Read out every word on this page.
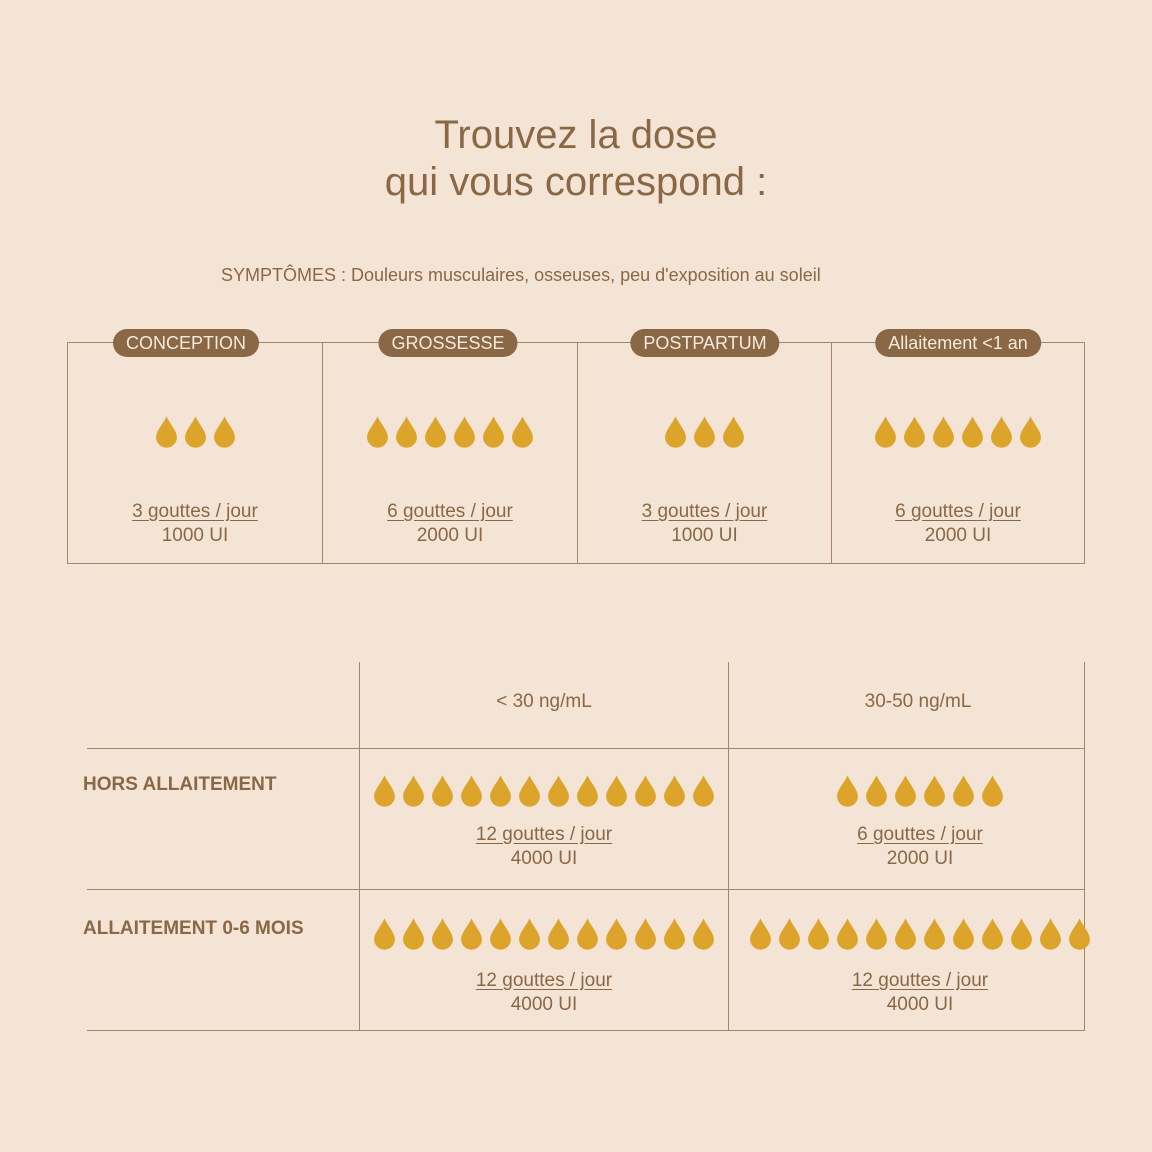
Trouvez la dose
qui vous correspond :
SYMPTÔMES : Douleurs musculaires, osseuses, peu d'exposition au soleil
CONCEPTION
3 gouttes / jour
1000 UI
GROSSESSE
6 gouttes / jour
2000 UI
POSTPARTUM
3 gouttes / jour
1000 UI
Allaitement <1 an
6 gouttes / jour
2000 UI
< 30 ng/mL	30-50 ng/mL
HORS ALLAITEMENT
ALLAITEMENT 0-6 MOIS
12 gouttes / jour
4000 UI
6 gouttes / jour
2000 UI
12 gouttes / jour
4000 UI
12 gouttes / jour
4000 UI
